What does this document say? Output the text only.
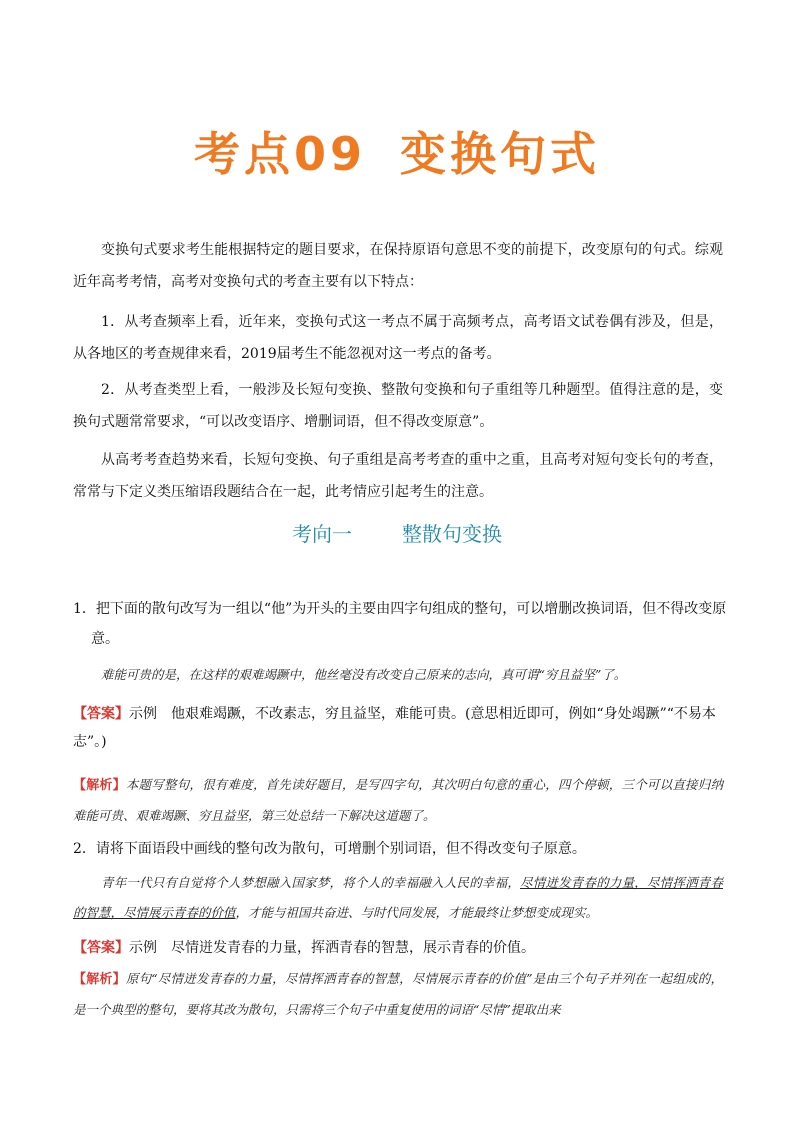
考点09 变换句式
变换句式要求考生能根据特定的题目要求，在保持原语句意思不变的前提下，改变原句的句式。综观近年高考考情，高考对变换句式的考查主要有以下特点：
1．从考查频率上看，近年来，变换句式这一考点不属于高频考点，高考语文试卷偶有涉及，但是，从各地区的考查规律来看，2019届考生不能忽视对这一考点的备考。
2．从考查类型上看，一般涉及长短句变换、整散句变换和句子重组等几种题型。值得注意的是，变换句式题常常要求，“可以改变语序、增删词语，但不得改变原意”。
从高考考查趋势来看，长短句变换、句子重组是高考考查的重中之重，且高考对短句变长句的考查，常常与下定义类压缩语段题结合在一起，此考情应引起考生的注意。
考向一	整散句变换
1．把下面的散句改写为一组以“他”为开头的主要由四字句组成的整句，可以增删改换词语，但不得改变原意。
难能可贵的是，在这样的艰难竭蹶中，他丝毫没有改变自己原来的志向，真可谓“穷且益坚”了。
【答案】示例　他艰难竭蹶，不改素志，穷且益坚，难能可贵。(意思相近即可，例如“身处竭蹶”“不易本志”。)
【解析】本题写整句，很有难度，首先读好题目，是写四字句，其次明白句意的重心，四个停顿，三个可以直接归纳难能可贵、艰难竭蹶、穷且益坚，第三处总结一下解决这道题了。
2．请将下面语段中画线的整句改为散句，可增删个别词语，但不得改变句子原意。
青年一代只有自觉将个人梦想融入国家梦，将个人的幸福融入人民的幸福，尽情迸发青春的力量，尽情挥洒青春的智慧，尽情展示青春的价值，才能与祖国共奋进、与时代同发展，才能最终让梦想变成现实。
【答案】示例　尽情迸发青春的力量，挥洒青春的智慧，展示青春的价值。
【解析】原句“尽情迸发青春的力量，尽情挥洒青春的智慧，尽情展示青春的价值”是由三个句子并列在一起组成的，是一个典型的整句，要将其改为散句，只需将三个句子中重复使用的词语“尽情”提取出来
